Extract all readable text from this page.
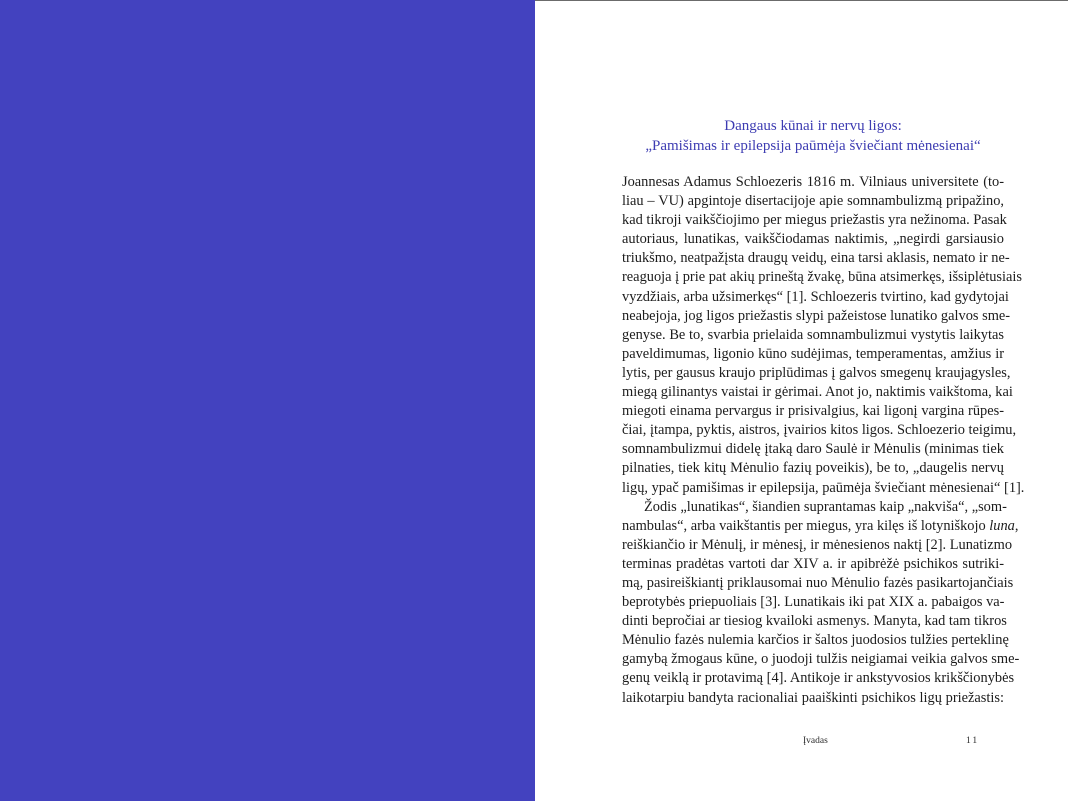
Dangaus kūnai ir nervų ligos:
„Pamišimas ir epilepsija paūmėja šviečiant mėnesienai“
Joannesas Adamus Schloezeris 1816 m. Vilniaus universitete (to-
liau – VU) apgintoje disertacijoje apie somnambulizmą pripažino,
kad tikroji vaikščiojimo per miegus priežastis yra nežinoma. Pasak
autoriaus, lunatikas, vaikščiodamas naktimis, „negirdi garsiausio
triukšmo, neatpažįsta draugų veidų, eina tarsi aklasis, nemato ir ne-
reaguoja į prie pat akių prineštą žvakę, būna atsimerkęs, išsiplėtusiais
vyzdžiais, arba užsimerkęs“ [1]. Schloezeris tvirtino, kad gydytojai
neabejoja, jog ligos priežastis slypi pažeistose lunatiko galvos sme-
genyse. Be to, svarbia prielaida somnambulizmui vystytis laikytas
paveldimumas, ligonio kūno sudėjimas, temperamentas, amžius ir
lytis, per gausus kraujo priplūdimas į galvos smegenų kraujagysles,
miegą gilinantys vaistai ir gėrimai. Anot jo, naktimis vaikštoma, kai
miegoti einama pervargus ir prisivalgius, kai ligonį vargina rūpes-
čiai, įtampa, pyktis, aistros, įvairios kitos ligos. Schloezerio teigimu,
somnambulizmui didelę įtaką daro Saulė ir Mėnulis (minimas tiek
pilnaties, tiek kitų Mėnulio fazių poveikis), be to, „daugelis nervų
ligų, ypač pamišimas ir epilepsija, paūmėja šviečiant mėnesienai“ [1].
Žodis „lunatikas“, šiandien suprantamas kaip „nakviša“, „som-
nambulas“, arba vaikštantis per miegus, yra kilęs iš lotyniškojo luna,
reiškiančio ir Mėnulį, ir mėnesį, ir mėnesienos naktį [2]. Lunatizmo
terminas pradėtas vartoti dar XIV a. ir apibrėžė psichikos sutriki-
mą, pasireiškiantį priklausomai nuo Mėnulio fazės pasikartojančiais
beprotybės priepuoliais [3]. Lunatikais iki pat XIX a. pabaigos va-
dinti bepročiai ar tiesiog kvailoki asmenys. Manyta, kad tam tikros
Mėnulio fazės nulemia karčios ir šaltos juodosios tulžies perteklinę
gamybą žmogaus kūne, o juodoji tulžis neigiamai veikia galvos sme-
genų veiklą ir protavimą [4]. Antikoje ir ankstyvosios krikščionybės
laikotarpiu bandyta racionaliai paaiškinti psichikos ligų priežastis:
Įvadas	11
